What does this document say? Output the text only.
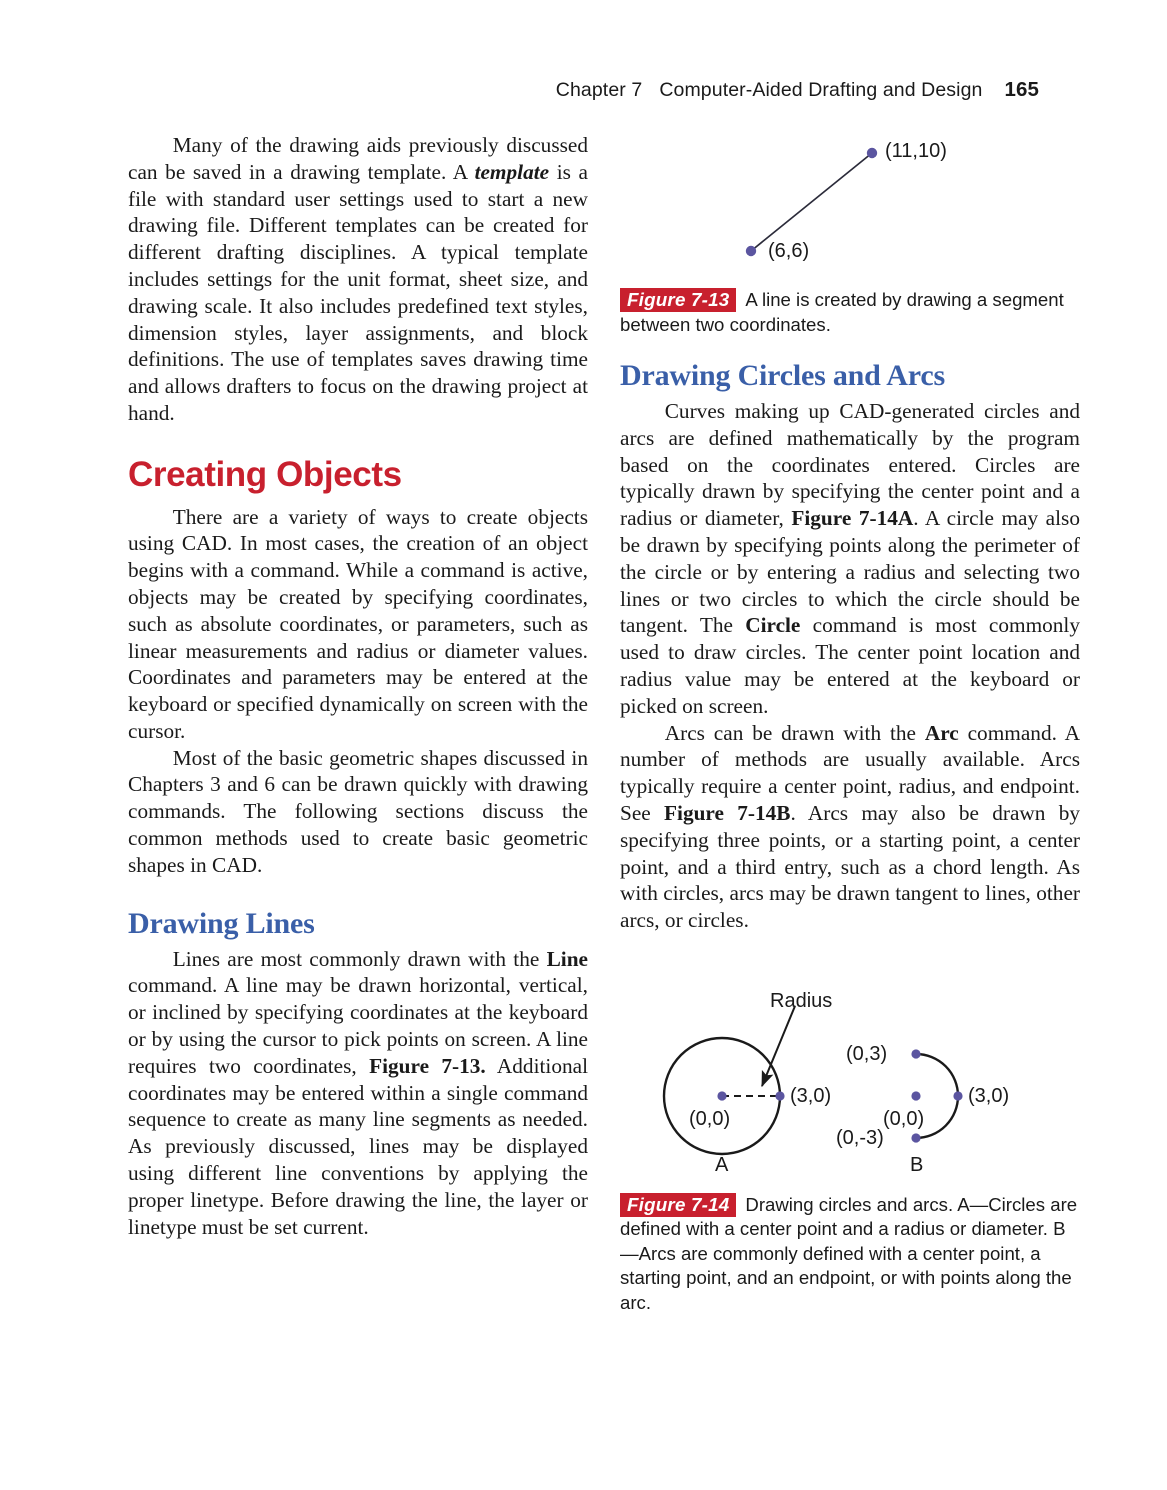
Chapter 7 Computer-Aided Drafting and Design 165

Many of the drawing aids previously discussed can be saved in a drawing template. A template is a file with standard user settings used to start a new drawing file. Different templates can be created for different drafting disciplines. A typical template includes settings for the unit format, sheet size, and drawing scale. It also includes predefined text styles, dimension styles, layer assignments, and block definitions. The use of templates saves drawing time and allows drafters to focus on the drawing project at hand.

Creating Objects

There are a variety of ways to create objects using CAD. In most cases, the creation of an object begins with a command. While a command is active, objects may be created by specifying coordinates, such as absolute coordinates, or parameters, such as linear measurements and radius or diameter values. Coordinates and parameters may be entered at the keyboard or specified dynamically on screen with the cursor.

Most of the basic geometric shapes discussed in Chapters 3 and 6 can be drawn quickly with drawing commands. The following sections discuss the common methods used to create basic geometric shapes in CAD.

Drawing Lines

Lines are most commonly drawn with the Line command. A line may be drawn horizontal, vertical, or inclined by specifying coordinates at the keyboard or by using the cursor to pick points on screen. A line requires two coordinates, Figure 7-13. Additional coordinates may be entered within a single command sequence to create as many line segments as needed. As previously discussed, lines may be displayed using different line conventions by applying the proper linetype. Before drawing the line, the layer or linetype must be set current.

(11,10)
(6,6)
Figure 7-13 A line is created by drawing a segment between two coordinates.
Drawing Circles and Arcs

Curves making up CAD-generated circles and arcs are defined mathematically by the program based on the coordinates entered. Circles are typically drawn by specifying the center point and a radius or diameter, Figure 7-14A. A circle may also be drawn by specifying points along the perimeter of the circle or by entering a radius and selecting two lines or two circles to which the circle should be tangent. The Circle command is most commonly used to draw circles. The center point location and radius value may be entered at the keyboard or picked on screen.

Arcs can be drawn with the Arc command. A number of methods are usually available. Arcs typically require a center point, radius, and endpoint. See Figure 7-14B. Arcs may also be drawn by specifying three points, or a starting point, a center point, and a third entry, such as a chord length. As with circles, arcs may be drawn tangent to lines, other arcs, or circles.

Radius
(3,0)
(0,0)
A
(0,3)
(3,0)
(0,0)
(0,-3)
B
Figure 7-14 Drawing circles and arcs. A—Circles are defined with a center point and a radius or diameter. B—Arcs are commonly defined with a center point, a starting point, and an endpoint, or with points along the arc.
